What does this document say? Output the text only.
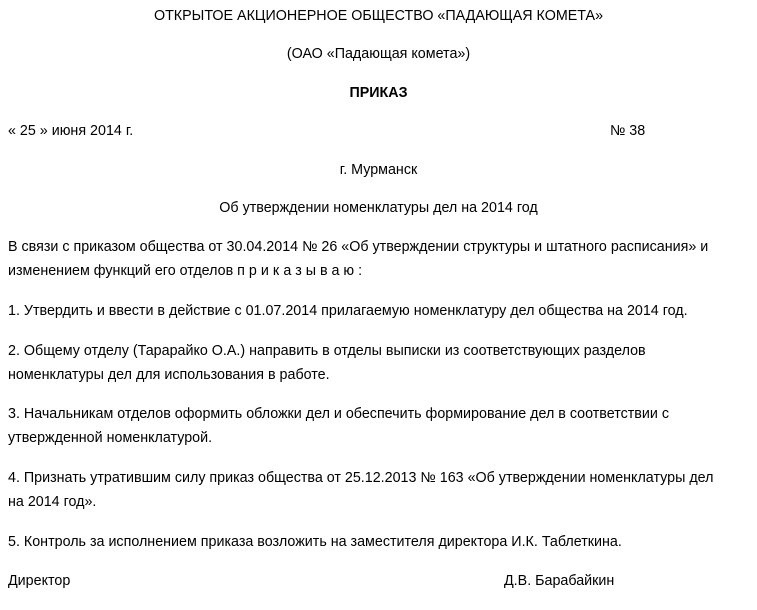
ОТКРЫТОЕ АКЦИОНЕРНОЕ ОБЩЕСТВО «ПАДАЮЩАЯ КОМЕТА»
(ОАО «Падающая комета»)
ПРИКАЗ
« 25 » июня 2014 г.	№ 38
г. Мурманск
Об утверждении номенклатуры дел на 2014 год
В связи с приказом общества от 30.04.2014 № 26 «Об утверждении структуры и штатного расписания» и
изменением функций его отделов приказываю:
1. Утвердить и ввести в действие с 01.07.2014 прилагаемую номенклатуру дел общества на 2014 год.
2. Общему отделу (Тарарайко О.А.) направить в отделы выписки из соответствующих разделов
номенклатуры дел для использования в работе.
3. Начальникам отделов оформить обложки дел и обеспечить формирование дел в соответствии с
утвержденной номенклатурой.
4. Признать утратившим силу приказ общества от 25.12.2013 № 163 «Об утверждении номенклатуры дел
на 2014 год».
5. Контроль за исполнением приказа возложить на заместителя директора И.К. Таблеткина.
Директор	Д.В. Барабайкин
